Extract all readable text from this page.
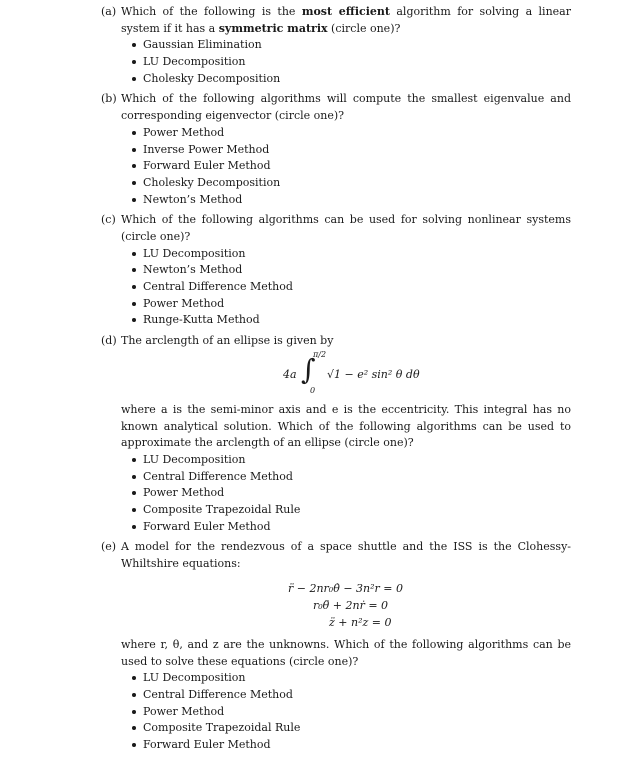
(a) Which of the following is the most efficient algorithm for solving a linear system if it has a symmetric matrix (circle one)?
Gaussian Elimination
LU Decomposition
Cholesky Decomposition
(b) Which of the following algorithms will compute the smallest eigenvalue and corresponding eigenvector (circle one)?
Power Method
Inverse Power Method
Forward Euler Method
Cholesky Decomposition
Newton’s Method
(c) Which of the following algorithms can be used for solving nonlinear systems (circle one)?
LU Decomposition
Newton’s Method
Central Difference Method
Power Method
Runge-Kutta Method
(d) The arclength of an ellipse is given by
4a ∫
π/2
0
√1 − e² sin² θ dθ
where a is the semi-minor axis and e is the eccentricity. This integral has no known analytical solution. Which of the following algorithms can be used to approximate the arclength of an ellipse (circle one)?
LU Decomposition
Central Difference Method
Power Method
Composite Trapezoidal Rule
Forward Euler Method
(e) A model for the rendezvous of a space shuttle and the ISS is the Clohessy-Whiltshire equations:
r̈ − 2nr₀θ̇ − 3n²r = 0
r₀θ̈ + 2nṙ = 0
z̈ + n²z = 0
where r, θ, and z are the unknowns. Which of the following algorithms can be used to solve these equations (circle one)?
LU Decomposition
Central Difference Method
Power Method
Composite Trapezoidal Rule
Forward Euler Method
